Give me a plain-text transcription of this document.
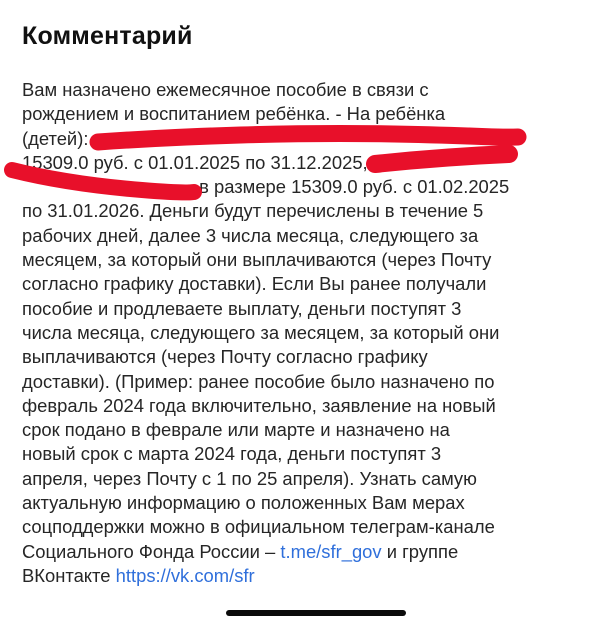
Комментарий
Вам назначено ежемесячное пособие в связи с
рождением и воспитанием ребёнка. - На ребёнка
(детей):
15309.0 руб. с 01.01.2025 по 31.12.2025,
в размере 15309.0 руб. с 01.02.2025
по 31.01.2026. Деньги будут перечислены в течение 5
рабочих дней, далее 3 числа месяца, следующего за
месяцем, за который они выплачиваются (через Почту
согласно графику доставки). Если Вы ранее получали
пособие и продлеваете выплату, деньги поступят 3
числа месяца, следующего за месяцем, за который они
выплачиваются (через Почту согласно графику
доставки). (Пример: ранее пособие было назначено по
февраль 2024 года включительно, заявление на новый
срок подано в феврале или марте и назначено на
новый срок с марта 2024 года, деньги поступят 3
апреля, через Почту с 1 по 25 апреля). Узнать самую
актуальную информацию о положенных Вам мерах
соцподдержки можно в официальном телеграм-канале
Социального Фонда России – t.me/sfr_gov и группе
ВКонтакте https://vk.com/sfr
